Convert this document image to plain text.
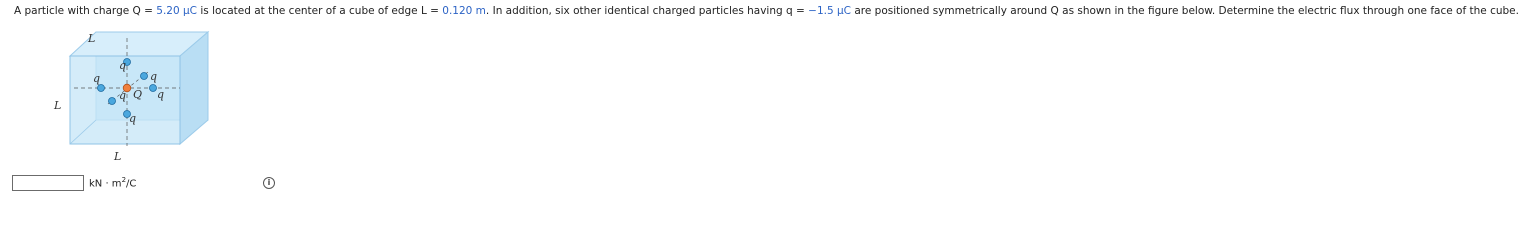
A particle with charge Q = 5.20 μC is located at the center of a cube of edge L = 0.120 m. In addition, six other identical charged particles having q = −1.5 μC are positioned symmetrically around Q as shown in the figure below. Determine the electric flux through one face of the cube.
L
L
L
q
q	q
q
q
q
Q
i
kN · $m^2/C$
